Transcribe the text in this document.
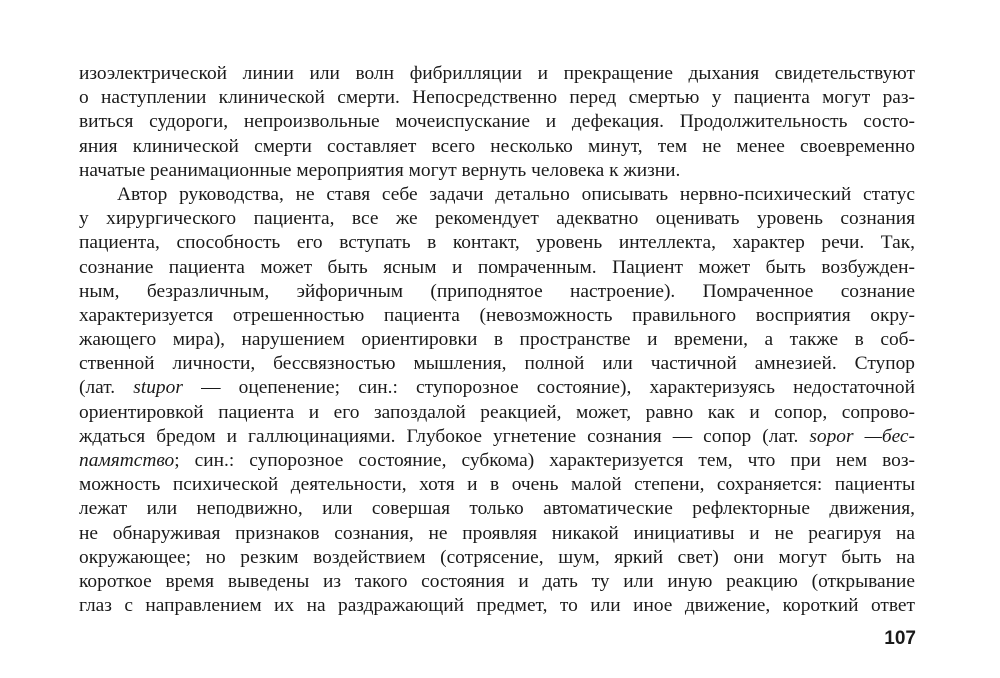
изоэлектрической линии или волн фибрилляции и прекращение дыхания свидетельствуют
о наступлении клинической смерти. Непосредственно перед смертью у пациента могут раз-
виться судороги, непроизвольные мочеиспускание и дефекация. Продолжительность состо-
яния клинической смерти составляет всего несколько минут, тем не менее своевременно
начатые реанимационные мероприятия могут вернуть человека к жизни.
Автор руководства, не ставя себе задачи детально описывать нервно-психический статус
у хирургического пациента, все же рекомендует адекватно оценивать уровень сознания
пациента, способность его вступать в контакт, уровень интеллекта, характер речи. Так,
сознание пациента может быть ясным и помраченным. Пациент может быть возбужден-
ным, безразличным, эйфоричным (приподнятое настроение). Помраченное сознание
характеризуется отрешенностью пациента (невозможность правильного восприятия окру-
жающего мира), нарушением ориентировки в пространстве и времени, а также в соб-
ственной личности, бессвязностью мышления, полной или частичной амнезией. Ступор
(лат. stupor — оцепенение; син.: ступорозное состояние), характеризуясь недостаточной
ориентировкой пациента и его запоздалой реакцией, может, равно как и сопор, сопрово-
ждаться бредом и галлюцинациями. Глубокое угнетение сознания — сопор (лат. sopor —бес-
памятство; син.: супорозное состояние, субкома) характеризуется тем, что при нем воз-
можность психической деятельности, хотя и в очень малой степени, сохраняется: пациенты
лежат или неподвижно, или совершая только автоматические рефлекторные движения,
не обнаруживая признаков сознания, не проявляя никакой инициативы и не реагируя на
окружающее; но резким воздействием (сотрясение, шум, яркий свет) они могут быть на
короткое время выведены из такого состояния и дать ту или иную реакцию (открывание
глаз с направлением их на раздражающий предмет, то или иное движение, короткий ответ
107
